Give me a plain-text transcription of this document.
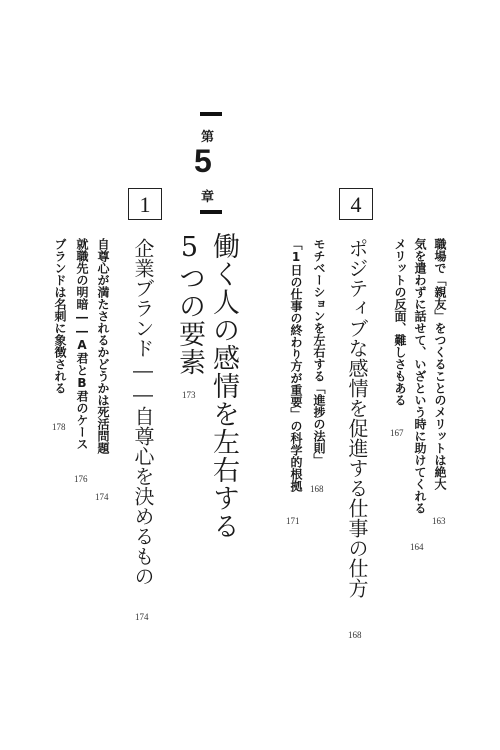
職場で「親友」をつくることのメリットは絶大
163
気を遣わずに話せて、いざという時に助けてくれる
164
メリットの反面、難しさもある
167
4
ポジティブな感情を促進する仕事の仕方
168
モチベーションを左右する「進捗の法則」
168
「1日の仕事の終わり方が重要」の科学的根拠
171
第
5
章
働く人の感情を左右する
5つの要素
173
1
企業ブランド――自尊心を決めるもの
174
自尊心が満たされるかどうかは死活問題
174
就職先の明暗――A君とB君のケース
176
ブランドは名刺に象徴される
178
